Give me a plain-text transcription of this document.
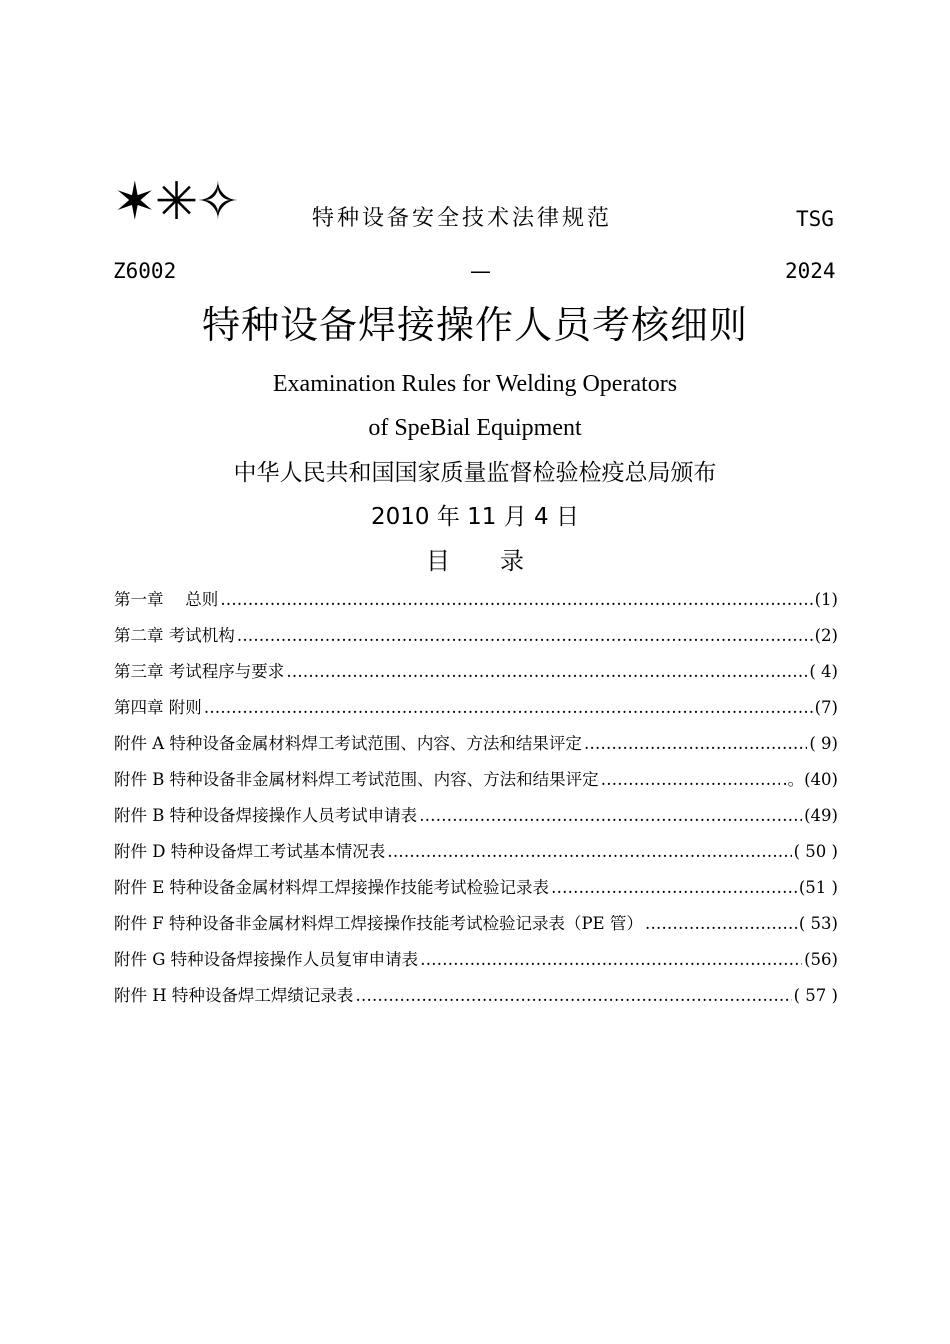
✶✳✧	特种设备安全技术法律规范	TSG
Z6002	—	2024
特种设备焊接操作人员考核细则
Examination Rules for Welding Operators
of SpeBial Equipment
中华人民共和国国家质量监督检验检疫总局颁布
2010 年 11 月 4 日
目录
第一章　 总则 ……………………………………………………………………………………………………………………………………………………………………	(1)
第二章 考试机构 ……………………………………………………………………………………………………………………………………………………………………	(2)
第三章 考试程序与要求 ……………………………………………………………………………………………………………………………………………………………………	( 4)
第四章 附则 ……………………………………………………………………………………………………………………………………………………………………	(7)
附件 A 特种设备金属材料焊工考试范围、内容、方法和结果评定 ……………………………………………………………………………………………………………………………………………………………………	( 9)
附件 B 特种设备非金属材料焊工考试范围、内容、方法和结果评定 ……………………………………………………………………………………………………………………………………………………………………	.。(40)
附件 B 特种设备焊接操作人员考试申请表 ……………………………………………………………………………………………………………………………………………………………………	(49)
附件 D 特种设备焊工考试基本情况表 ……………………………………………………………………………………………………………………………………………………………………	( 50 )
附件 E 特种设备金属材料焊工焊接操作技能考试检验记录表 ……………………………………………………………………………………………………………………………………………………………………	(51 )
附件 F 特种设备非金属材料焊工焊接操作技能考试检验记录表（PE 管） ……………………………………………………………………………………………………………………………………………………………………	( 53)
附件 G 特种设备焊接操作人员复审申请表 ……………………………………………………………………………………………………………………………………………………………………	(56)
附件 H 特种设备焊工焊绩记录表 ……………………………………………………………………………………………………………………………………………………………………	( 57 )
